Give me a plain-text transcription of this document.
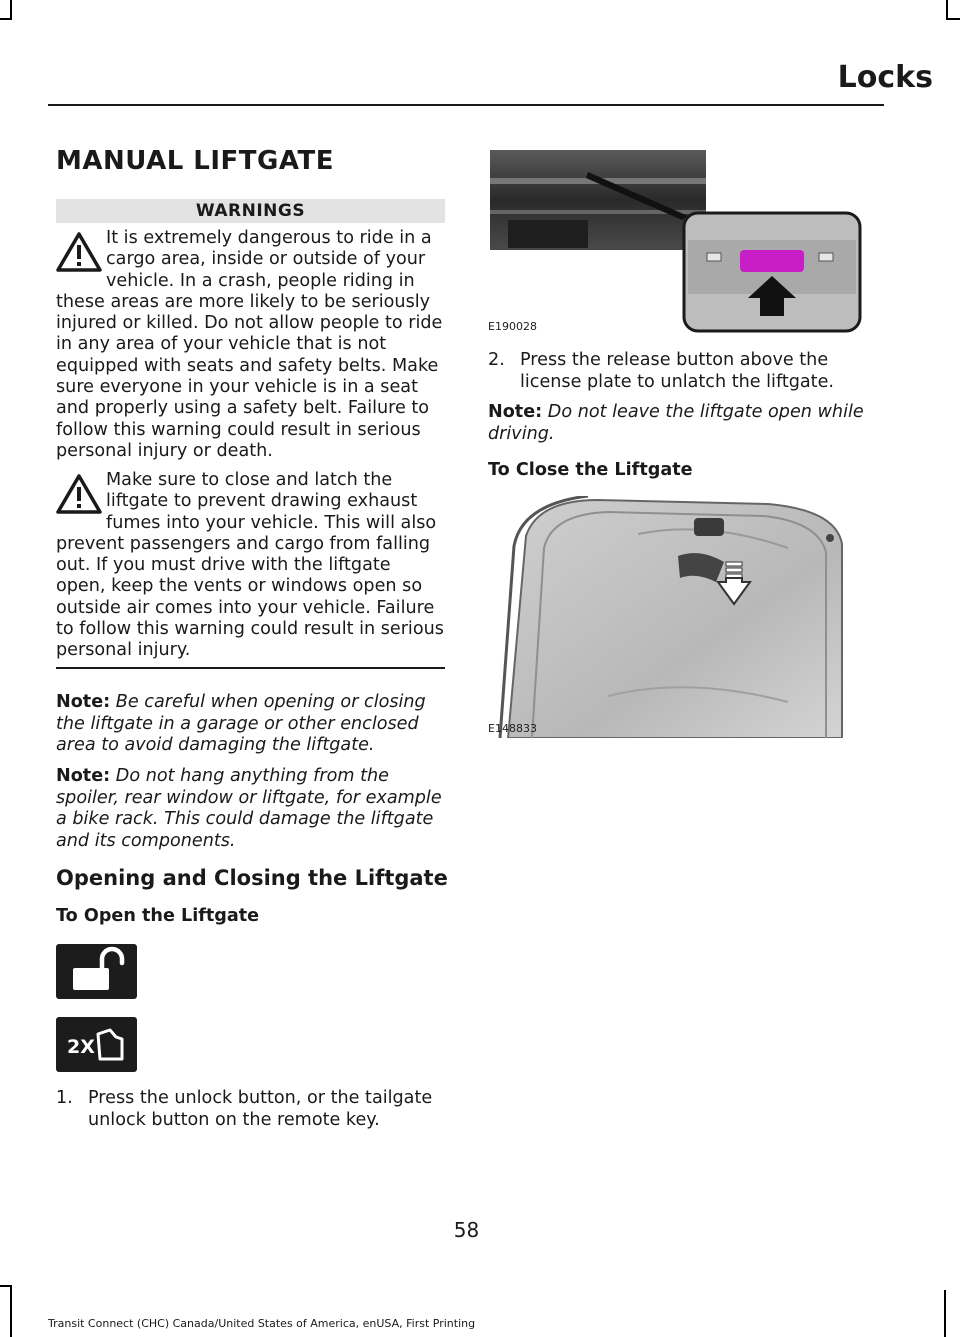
Locks
MANUAL LIFTGATE
WARNINGS

It is extremely dangerous to ride in a cargo area, inside or outside of your vehicle. In a crash, people riding in these areas are more likely to be seriously injured or killed. Do not allow people to ride in any area of your vehicle that is not equipped with seats and safety belts. Make sure everyone in your vehicle is in a seat and properly using a safety belt. Failure to follow this warning could result in serious personal injury or death.

Make sure to close and latch the liftgate to prevent drawing exhaust fumes into your vehicle. This will also prevent passengers and cargo from falling out. If you must drive with the liftgate open, keep the vents or windows open so outside air comes into your vehicle. Failure to follow this warning could result in serious personal injury.

Note: Be careful when opening or closing the liftgate in a garage or other enclosed area to avoid damaging the liftgate.
Note: Do not hang anything from the spoiler, rear window or liftgate, for example a bike rack. This could damage the liftgate and its components.
Opening and Closing the Liftgate
To Open the Liftgate
2X
1. Press the unlock button, or the tailgate unlock button on the remote key.
E190028
2. Press the release button above the license plate to unlatch the liftgate.
Note: Do not leave the liftgate open while driving.
To Close the Liftgate
E148833
58
Transit Connect (CHC) Canada/United States of America, enUSA, First Printing
